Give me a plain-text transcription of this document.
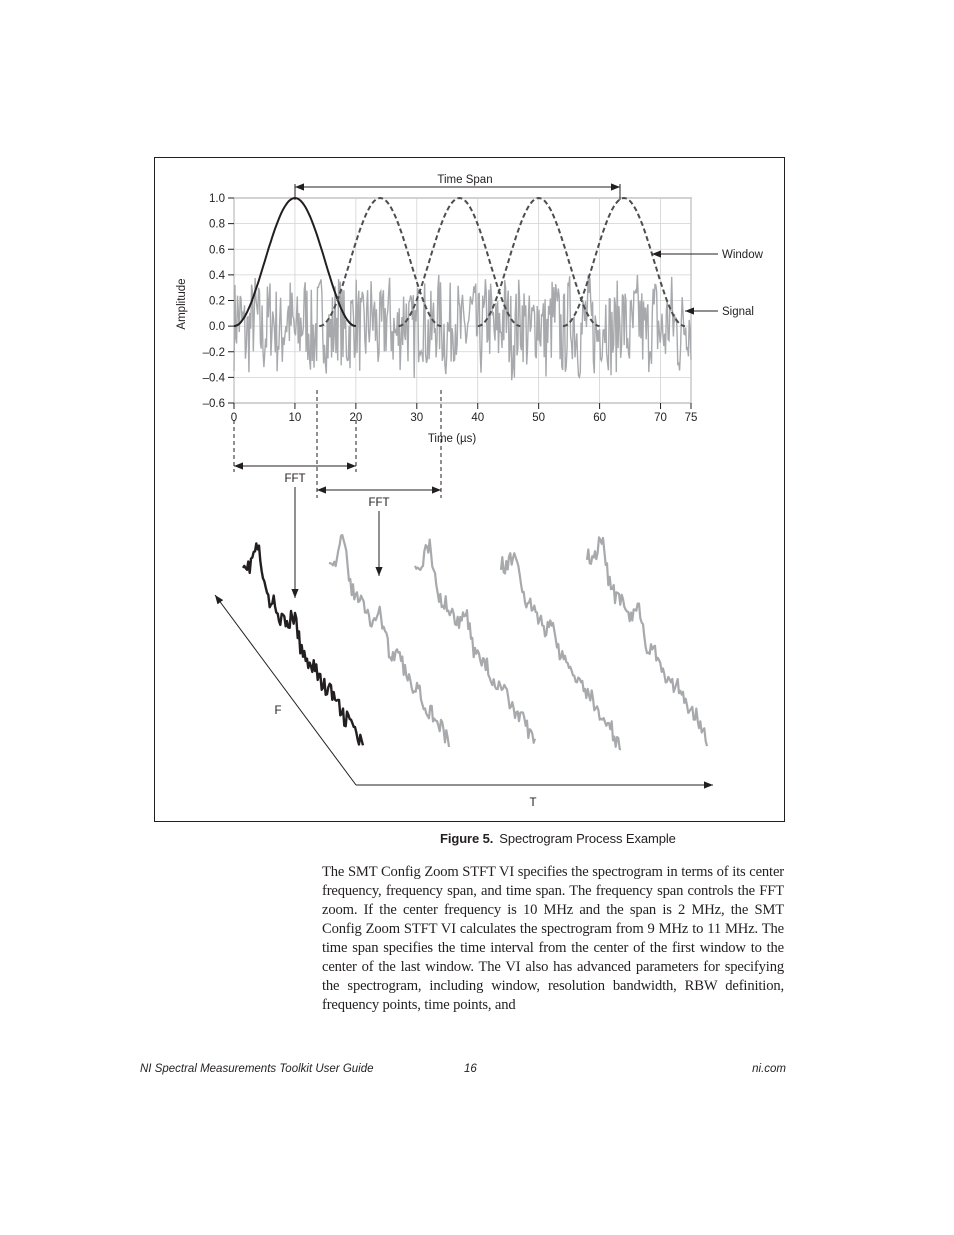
1.0
0.8
0.6
0.4
0.2
0.0
–0.2
–0.4
–0.6
0	10	20	30	40	50	60	70 75
Amplitude
Time (µs)
Time Span
Window
Signal
FFT
FFT
F
T
Figure 5. Spectrogram Process Example
The SMT Config Zoom STFT VI specifies the spectrogram in terms of its center frequency, frequency span, and time span. The frequency span controls the FFT zoom. If the center frequency is 10 MHz and the span is 2 MHz, the SMT Config Zoom STFT VI calculates the spectrogram from 9 MHz to 11 MHz. The time span specifies the time interval from the center of the first window to the center of the last window. The VI also has advanced parameters for specifying the spectrogram, including window, resolution bandwidth, RBW definition, frequency points, time points, and
NI Spectral Measurements Toolkit User Guide	16	ni.com
